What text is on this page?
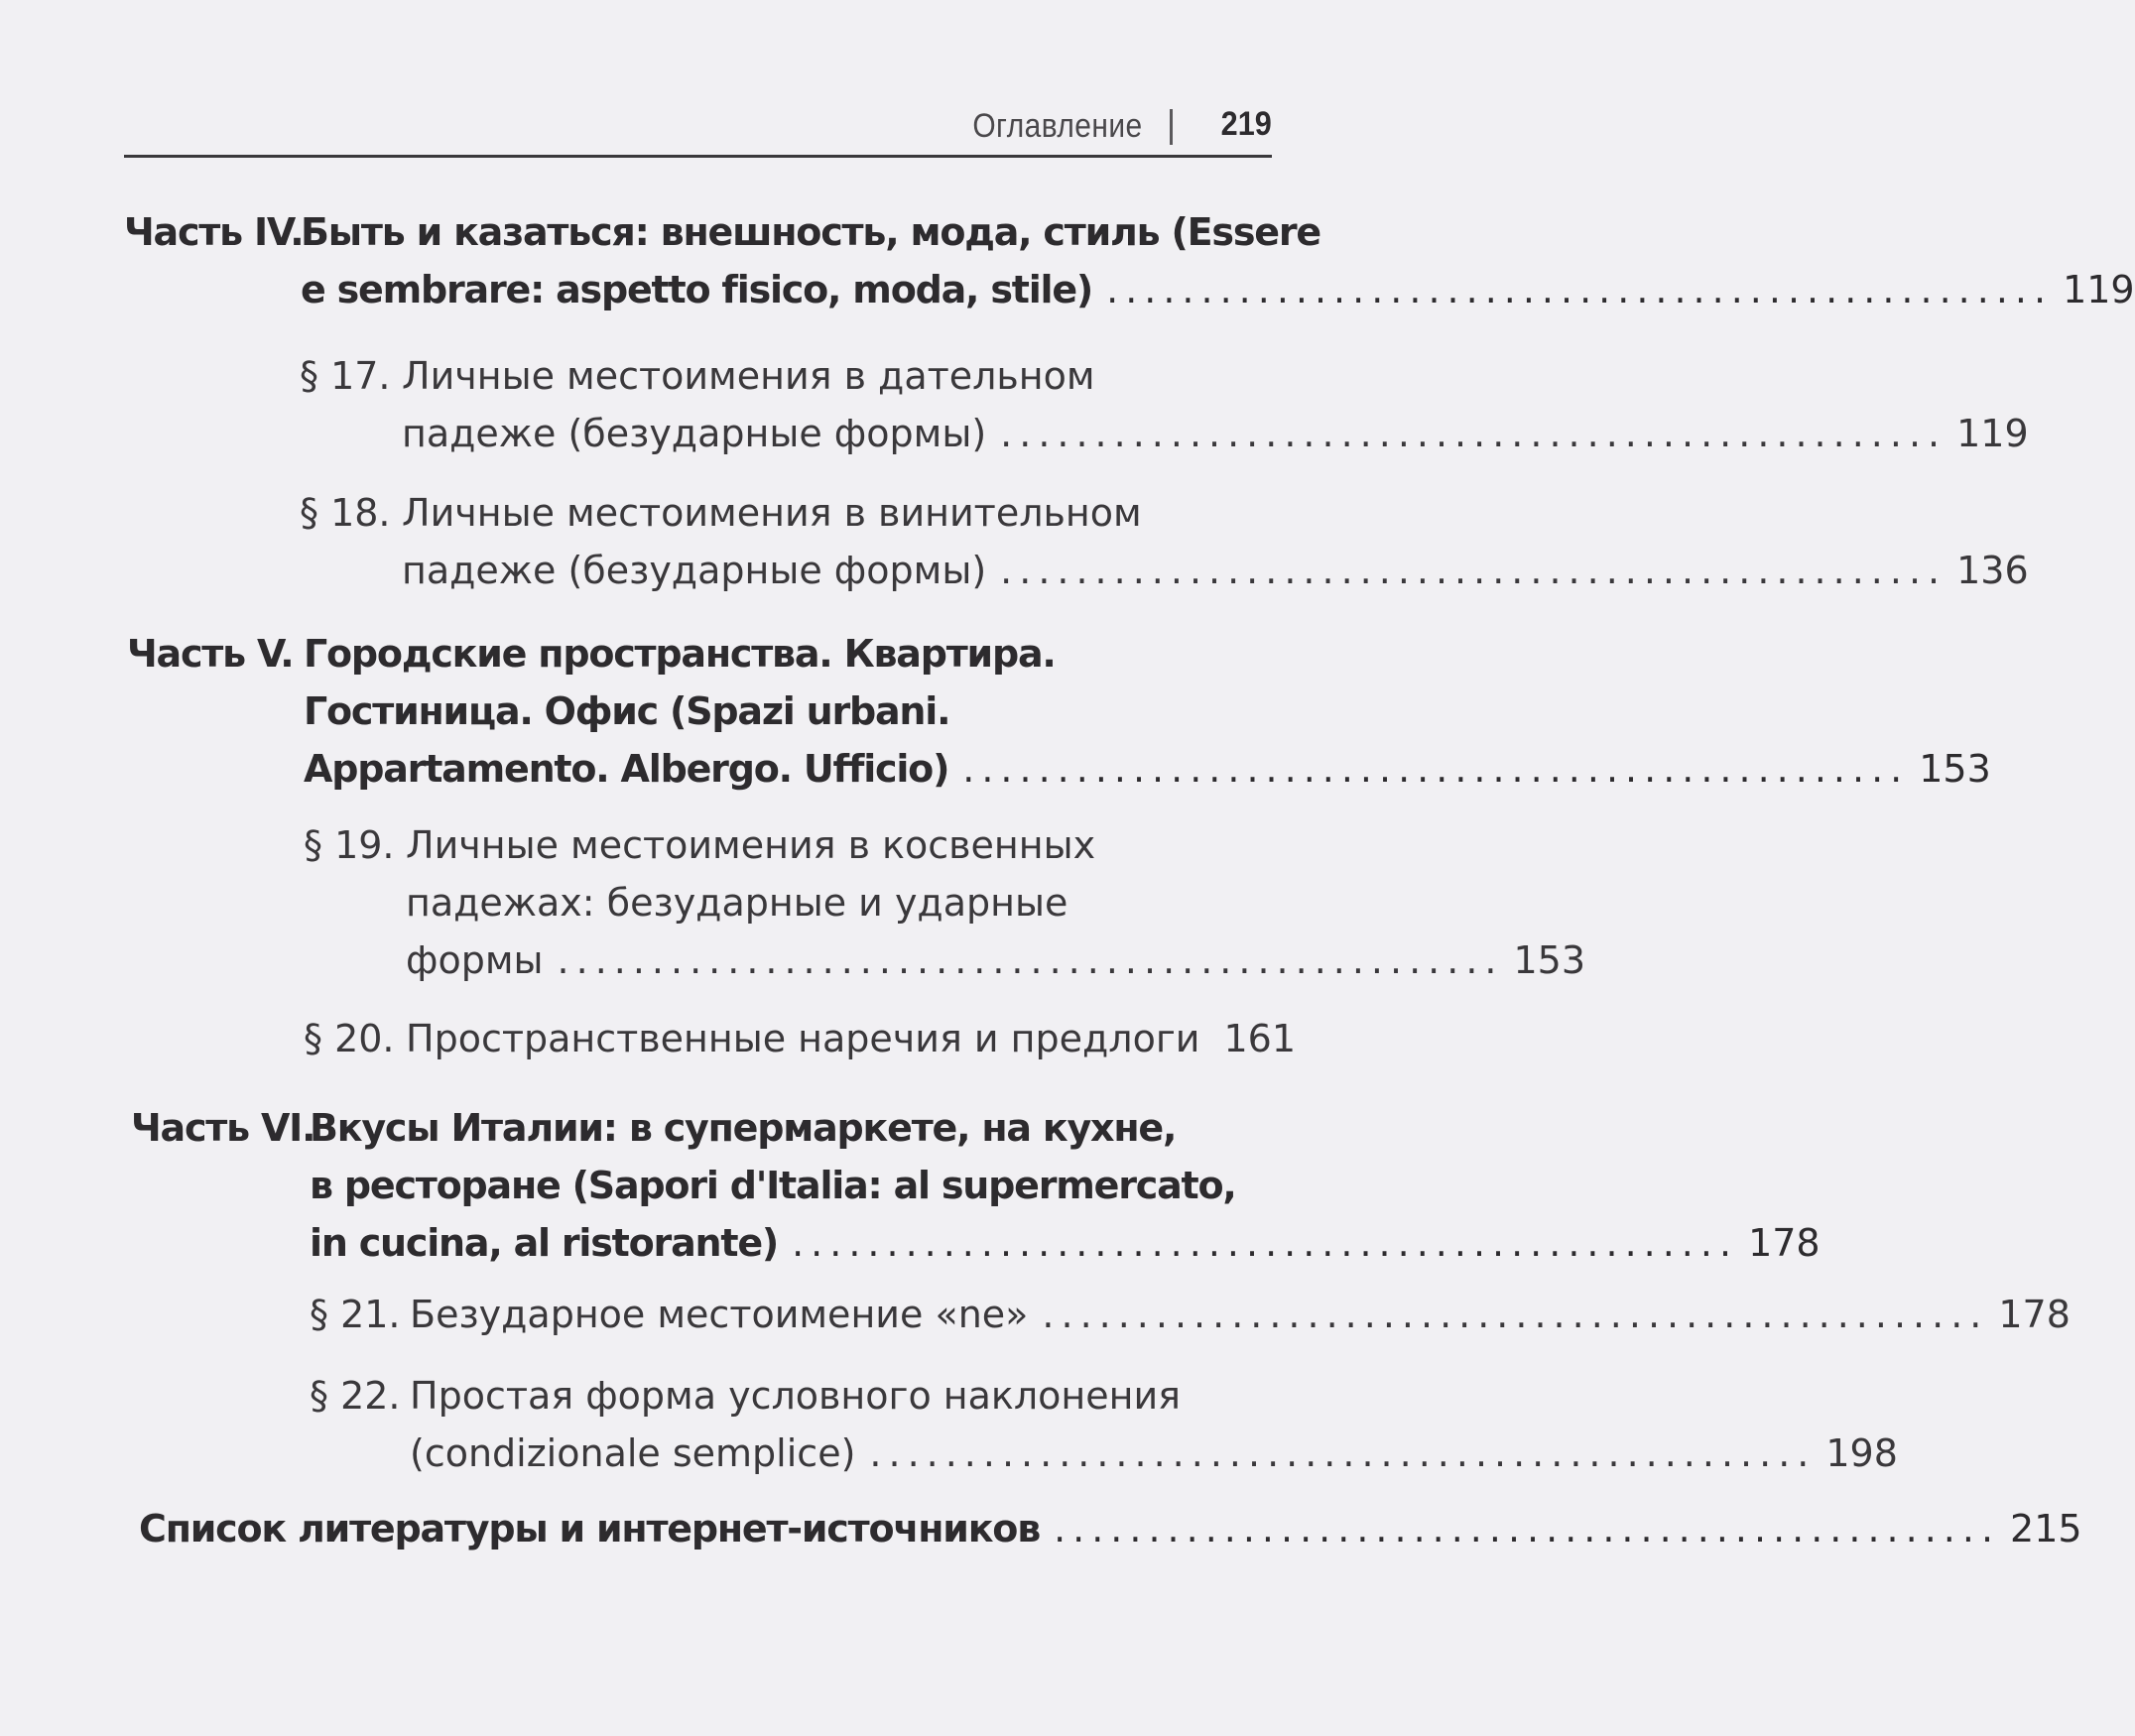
Оглавление 219
Часть IV.
Быть и казаться: внешность, мода, стиль (Essere
e sembrare: aspetto fisico, moda, stile) .................................................. 119
§ 17. Личные местоимения в дательном
падеже (безударные формы) .................................................. 119
§ 18. Личные местоимения в винительном
падеже (безударные формы) .................................................. 136
Часть V. Городские пространства. Квартира.
Гостиница. Офис (Spazi urbani.
Appartamento. Albergo. Ufficio) .................................................. 153
§ 19. Личные местоимения в косвенных
падежах: безударные и ударные
формы .................................................. 153
§ 20. Пространственные наречия и предлоги 161
Часть VI.
Вкусы Италии: в супермаркете, на кухне,
в ресторане (Sapori d'Italia: al supermercato,
in cucina, al ristorante) .................................................. 178
§ 21. Безударное местоимение «ne» .................................................. 178
§ 22. Простая форма условного наклонения
(condizionale semplice) .................................................. 198
Список литературы и интернет-источников .................................................. 215
